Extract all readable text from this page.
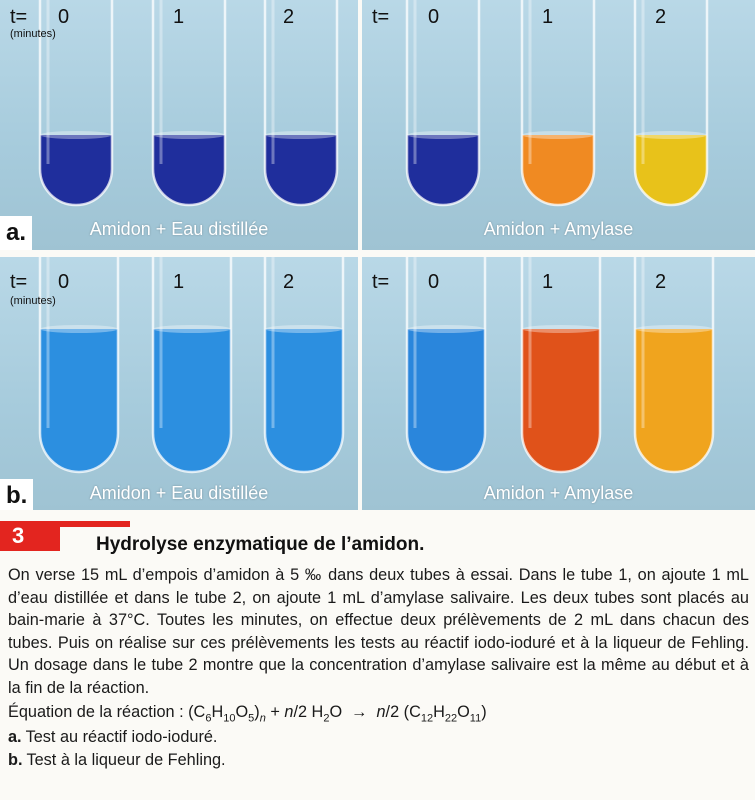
t=
(minutes)
0	1	2
Amidon + Eau distillée
a.
t= 0	1	2
Amidon + Amylase
t=
(minutes)
0	1	2
Amidon + Eau distillée
b.
t= 0	1	2
Amidon + Amylase
3	Hydrolyse enzymatique de l’amidon.

On verse 15 mL d’empois d’amidon à 5 ‰ dans deux tubes à essai. Dans le tube 1, on ajoute 1 mL d’eau distillée et dans le tube 2, on ajoute 1 mL d’amylase salivaire. Les deux tubes sont placés au bain-marie à 37°C. Toutes les minutes, on effectue deux prélèvements de 2 mL dans chacun des tubes. Puis on réalise sur ces prélèvements les tests au réactif iodo-ioduré et à la liqueur de Fehling. Un dosage dans le tube 2 montre que la concentration d’amylase salivaire est la même au début et à la fin de la réaction.

Équation de la réaction : $(C_6H_{10}O_5)_n + n/2$ $H_2O \to n/2$ $(C_{12}H_{22}O_{11})$
a. Test au réactif iodo-ioduré.
b. Test à la liqueur de Fehling.
